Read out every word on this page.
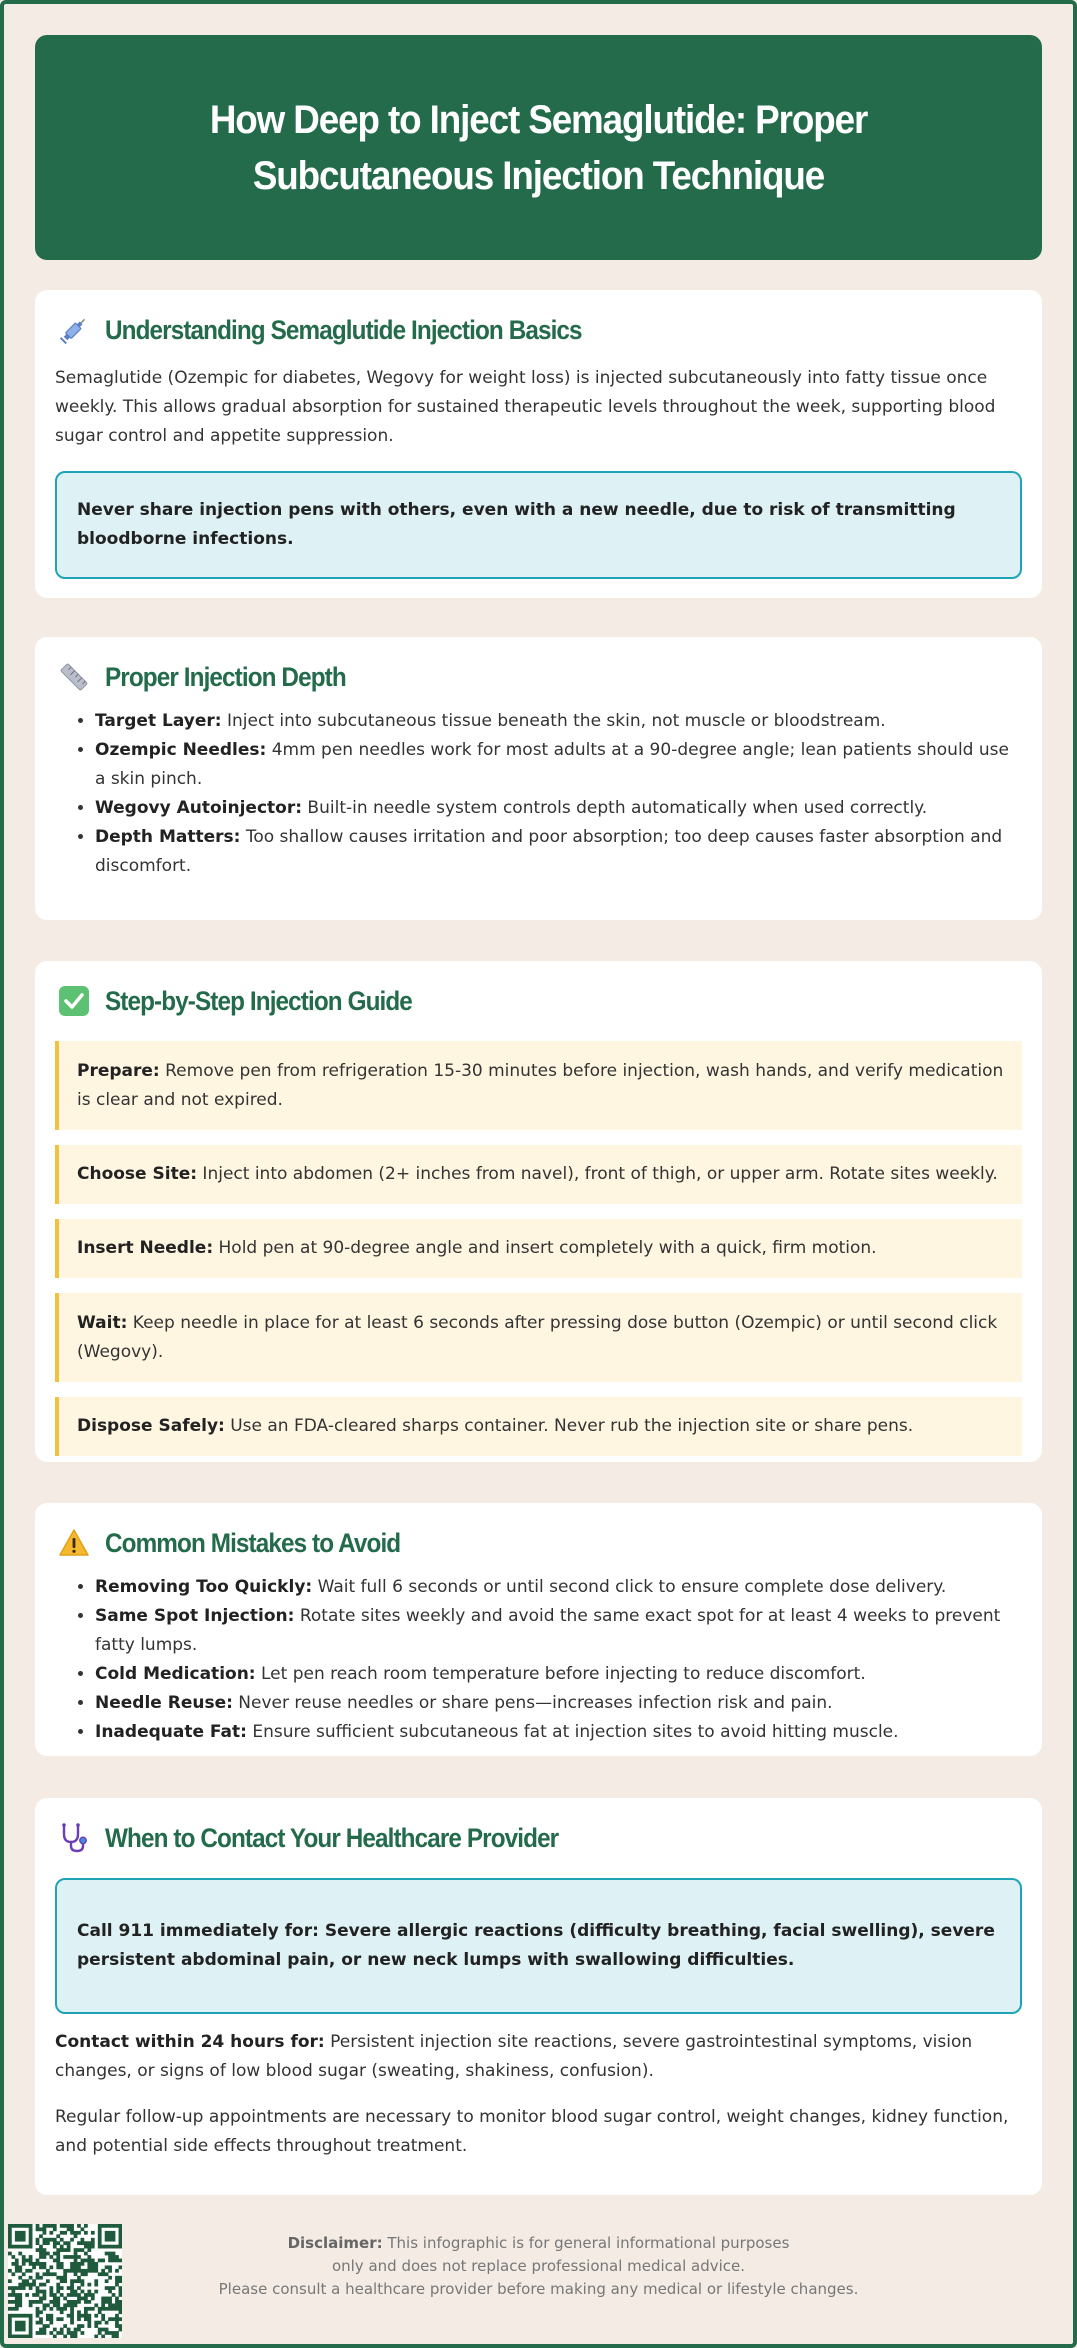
How Deep to Inject Semaglutide: Proper Subcutaneous Injection Technique
Understanding Semaglutide Injection Basics

Semaglutide (Ozempic for diabetes, Wegovy for weight loss) is injected subcutaneously into fatty tissue once weekly. This allows gradual absorption for sustained therapeutic levels throughout the week, supporting blood sugar control and appetite suppression.

Never share injection pens with others, even with a new needle, due to risk of transmitting bloodborne infections.
Proper Injection Depth
• Target Layer: Inject into subcutaneous tissue beneath the skin, not muscle or bloodstream.
• Ozempic Needles: 4mm pen needles work for most adults at a 90-degree angle; lean patients should use a skin pinch.
• Wegovy Autoinjector: Built-in needle system controls depth automatically when used correctly.
• Depth Matters: Too shallow causes irritation and poor absorption; too deep causes faster absorption and discomfort.
Step-by-Step Injection Guide
Prepare: Remove pen from refrigeration 15-30 minutes before injection, wash hands, and verify medication is clear and not expired.
Choose Site: Inject into abdomen (2+ inches from navel), front of thigh, or upper arm. Rotate sites weekly.
Insert Needle: Hold pen at 90-degree angle and insert completely with a quick, firm motion.
Wait: Keep needle in place for at least 6 seconds after pressing dose button (Ozempic) or until second click (Wegovy).
Dispose Safely: Use an FDA-cleared sharps container. Never rub the injection site or share pens.
Common Mistakes to Avoid
• Removing Too Quickly: Wait full 6 seconds or until second click to ensure complete dose delivery.
• Same Spot Injection: Rotate sites weekly and avoid the same exact spot for at least 4 weeks to prevent fatty lumps.
• Cold Medication: Let pen reach room temperature before injecting to reduce discomfort.
• Needle Reuse: Never reuse needles or share pens—increases infection risk and pain.
• Inadequate Fat: Ensure sufficient subcutaneous fat at injection sites to avoid hitting muscle.
When to Contact Your Healthcare Provider
Call 911 immediately for: Severe allergic reactions (difficulty breathing, facial swelling), severe persistent abdominal pain, or new neck lumps with swallowing difficulties.

Contact within 24 hours for: Persistent injection site reactions, severe gastrointestinal symptoms, vision changes, or signs of low blood sugar (sweating, shakiness, confusion).

Regular follow-up appointments are necessary to monitor blood sugar control, weight changes, kidney function, and potential side effects throughout treatment.

Disclaimer: This infographic is for general informational purposes
only and does not replace professional medical advice.
Please consult a healthcare provider before making any medical or lifestyle changes.
